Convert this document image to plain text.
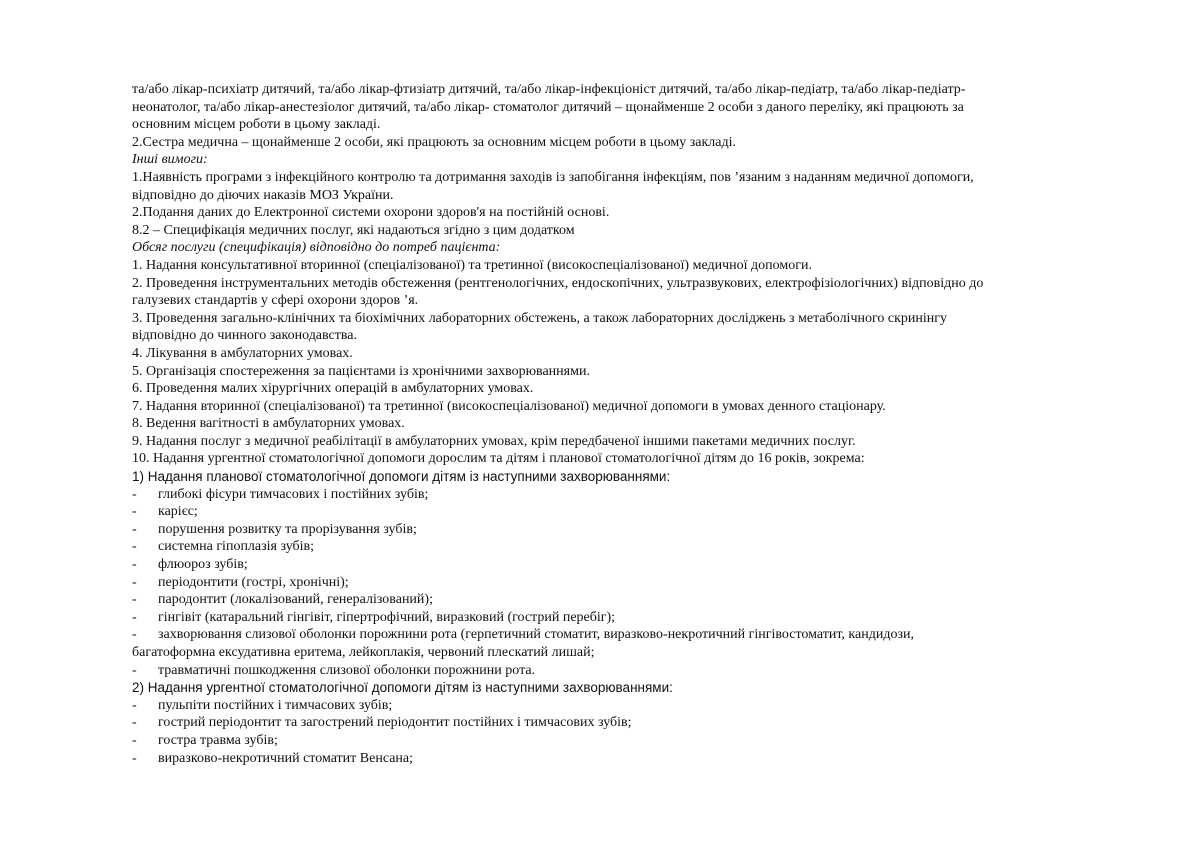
та/або лікар-психіатр дитячий, та/або лікар-фтизіатр дитячий, та/або лікар-інфекціоніст дитячий, та/або лікар-педіатр, та/або лікар-педіатр-

неонатолог, та/або лікар-анестезіолог дитячий, та/або лікар- стоматолог дитячий – щонайменше 2 особи з даного переліку, які працюють за

основним місцем роботи в цьому закладі.

2.Сестра медична – щонайменше 2 особи, які працюють за основним місцем роботи в цьому закладі.

Інші вимоги:

1.Наявність програми з інфекційного контролю та дотримання заходів із запобігання інфекціям, пов ʼязаним з наданням медичної допомоги,

відповідно до діючих наказів МОЗ України.

2.Подання даних до Електронної системи охорони здоров'я на постійній основі.

8.2 – Специфікація медичних послуг, які надаються згідно з цим додатком

Обсяг послуги (специфікація) відповідно до потреб пацієнта:

1. Надання консультативної вторинної (спеціалізованої) та третинної (високоспеціалізованої) медичної допомоги.

2. Проведення інструментальних методів обстеження (рентгенологічних, ендоскопічних, ультразвукових, електрофізіологічних) відповідно до

галузевих стандартів у сфері охорони здоров ʼя.

3. Проведення загально-клінічних та біохімічних лабораторних обстежень, а також лабораторних досліджень з метаболічного скринінгу

відповідно до чинного законодавства.

4. Лікування в амбулаторних умовах.

5. Організація спостереження за пацієнтами із хронічними захворюваннями.

6. Проведення малих хірургічних операцій в амбулаторних умовах.

7. Надання вторинної (спеціалізованої) та третинної (високоспеціалізованої) медичної допомоги в умовах денного стаціонару.

8. Ведення вагітності в амбулаторних умовах.

9. Надання послуг з медичної реабілітації в амбулаторних умовах, крім передбаченої іншими пакетами медичних послуг.

10. Надання ургентної стоматологічної допомоги дорослим та дітям і планової стоматологічної дітям до 16 років, зокрема:

1) Надання планової стоматологічної допомоги дітям із наступними захворюваннями:

-	глибокі фісури тимчасових і постійних зубів;
-	карієс;
-	порушення розвитку та прорізування зубів;
-	системна гіпоплазія зубів;
-	флюороз зубів;
-	періодонтити (гострі, хронічні);
-	пародонтит (локалізований, генералізований);
-	гінгівіт (катаральний гінгівіт, гіпертрофічний, виразковий (гострий перебіг);
-	захворювання слизової оболонки порожнини рота (герпетичний стоматит, виразково-некротичний гінгівостоматит, кандидози,

багатоформна ексудативна еритема, лейкоплакія, червоний плескатий лишай;

-	травматичні пошкодження слизової оболонки порожнини рота.

2) Надання ургентної стоматологічної допомоги дітям із наступними захворюваннями:

-	пульпіти постійних і тимчасових зубів;
-	гострий періодонтит та загострений періодонтит постійних і тимчасових зубів;
-	гостра травма зубів;
-	виразково-некротичний стоматит Венсана;
